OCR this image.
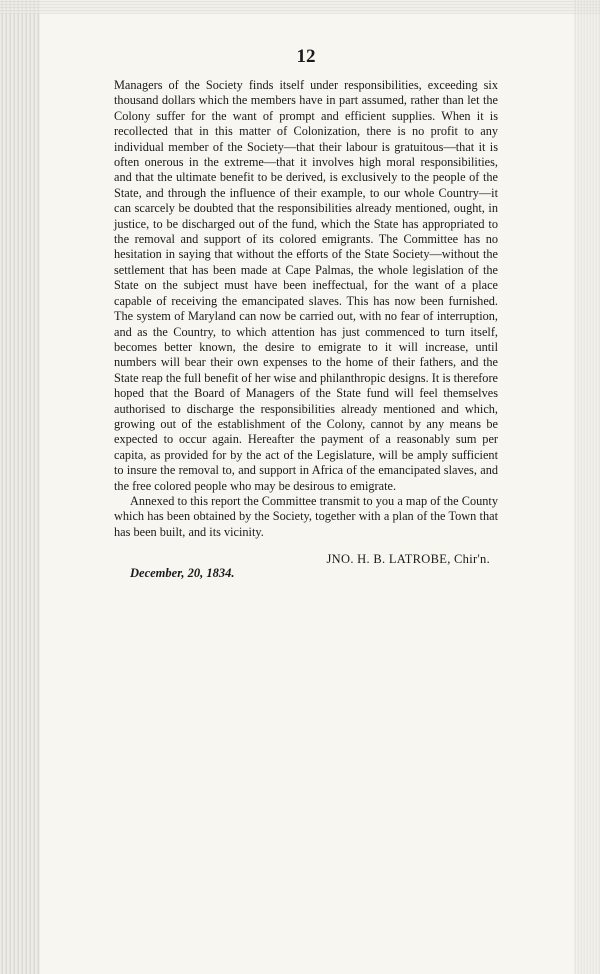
12

Managers of the Society finds itself under responsibilities, exceeding six thousand dollars which the members have in part assumed, rather than let the Colony suffer for the want of prompt and efficient supplies. When it is recollected that in this matter of Colonization, there is no profit to any individual member of the Society—that their labour is gratuitous—that it is often onerous in the extreme—that it involves high moral responsibilities, and that the ultimate benefit to be derived, is exclusively to the people of the State, and through the influence of their example, to our whole Country—it can scarcely be doubted that the responsibilities already mentioned, ought, in justice, to be discharged out of the fund, which the State has appropriated to the removal and support of its colored emigrants. The Committee has no hesitation in saying that without the efforts of the State Society—without the settlement that has been made at Cape Palmas, the whole legislation of the State on the subject must have been ineffectual, for the want of a place capable of receiving the emancipated slaves. This has now been furnished. The system of Maryland can now be carried out, with no fear of interruption, and as the Country, to which attention has just commenced to turn itself, becomes better known, the desire to emigrate to it will increase, until numbers will bear their own expenses to the home of their fathers, and the State reap the full benefit of her wise and philanthropic designs. It is therefore hoped that the Board of Managers of the State fund will feel themselves authorised to discharge the responsibilities already mentioned and which, growing out of the establishment of the Colony, cannot by any means be expected to occur again. Hereafter the payment of a reasonably sum per capita, as provided for by the act of the Legislature, will be amply sufficient to insure the removal to, and support in Africa of the emancipated slaves, and the free colored people who may be desirous to emigrate.

Annexed to this report the Committee transmit to you a map of the County which has been obtained by the Society, together with a plan of the Town that has been built, and its vicinity.

JNO. H. B. LATROBE, Chir'n.
December, 20, 1834.
